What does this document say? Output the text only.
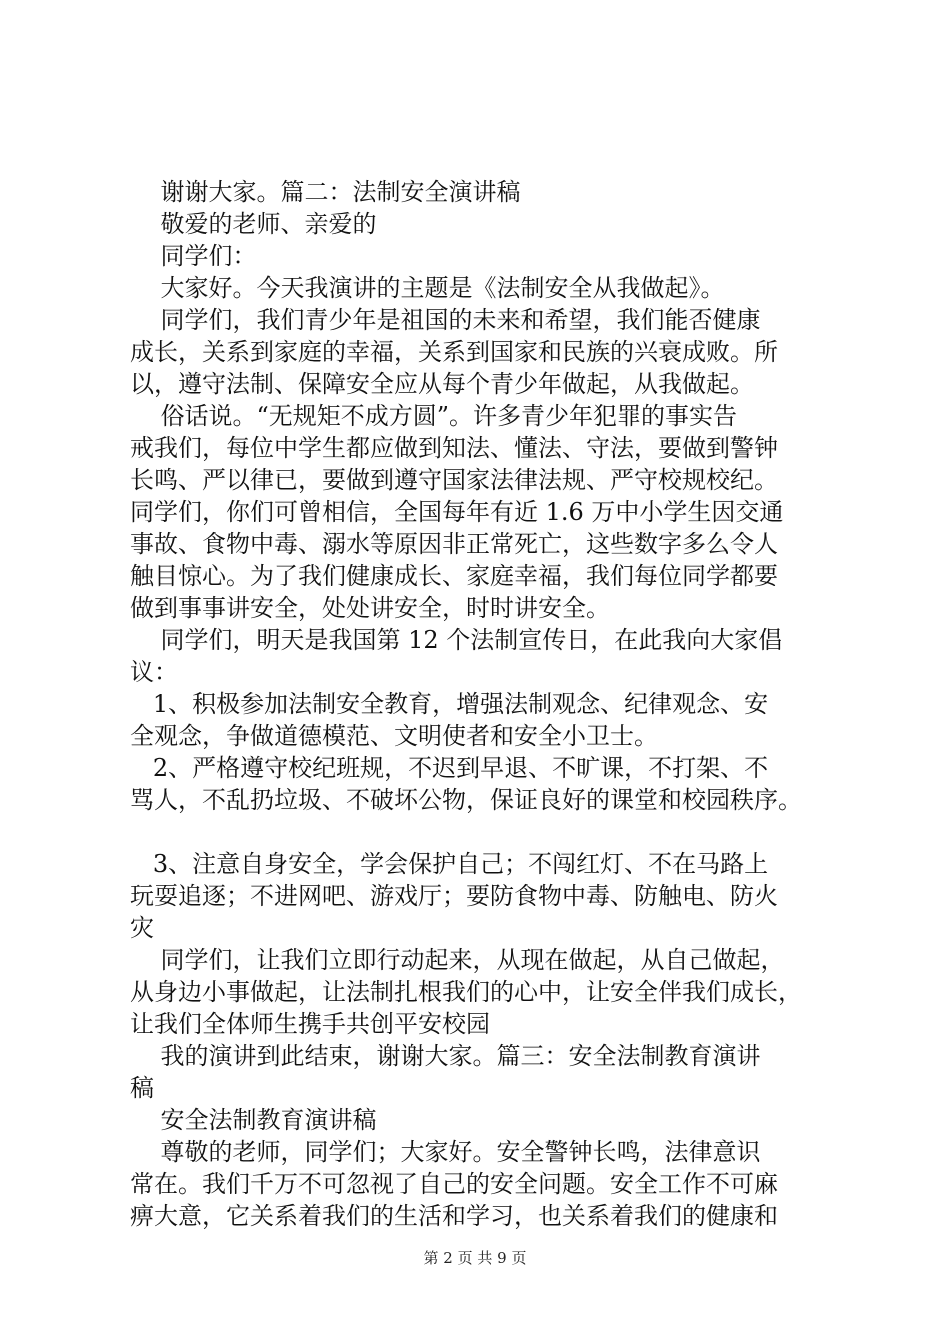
谢谢大家。篇二：法制安全演讲稿
敬爱的老师、亲爱的
同学们：
大家好。今天我演讲的主题是《法制安全从我做起》。
同学们，我们青少年是祖国的未来和希望，我们能否健康
成长，关系到家庭的幸福，关系到国家和民族的兴衰成败。所
以，遵守法制、保障安全应从每个青少年做起，从我做起。
俗话说。“无规矩不成方圆”。许多青少年犯罪的事实告
戒我们，每位中学生都应做到知法、懂法、守法，要做到警钟
长鸣、严以律已，要做到遵守国家法律法规、严守校规校纪。
同学们，你们可曾相信，全国每年有近 1.6 万中小学生因交通
事故、食物中毒、溺水等原因非正常死亡，这些数字多么令人
触目惊心。为了我们健康成长、家庭幸福，我们每位同学都要
做到事事讲安全，处处讲安全，时时讲安全。
同学们，明天是我国第 12 个法制宣传日，在此我向大家倡
议：
1、积极参加法制安全教育，增强法制观念、纪律观念、安
全观念，争做道德模范、文明使者和安全小卫士。
2、严格遵守校纪班规，不迟到早退、不旷课，不打架、不
骂人，不乱扔垃圾、不破坏公物，保证良好的课堂和校园秩序。
3、注意自身安全，学会保护自己；不闯红灯、不在马路上
玩耍追逐；不进网吧、游戏厅；要防食物中毒、防触电、防火
灾
同学们，让我们立即行动起来，从现在做起，从自己做起，
从身边小事做起，让法制扎根我们的心中，让安全伴我们成长，
让我们全体师生携手共创平安校园
我的演讲到此结束，谢谢大家。篇三：安全法制教育演讲
稿
安全法制教育演讲稿
尊敬的老师，同学们；大家好。安全警钟长鸣，法律意识
常在。我们千万不可忽视了自己的安全问题。安全工作不可麻
痹大意，它关系着我们的生活和学习，也关系着我们的健康和
第 2 页 共 9 页
